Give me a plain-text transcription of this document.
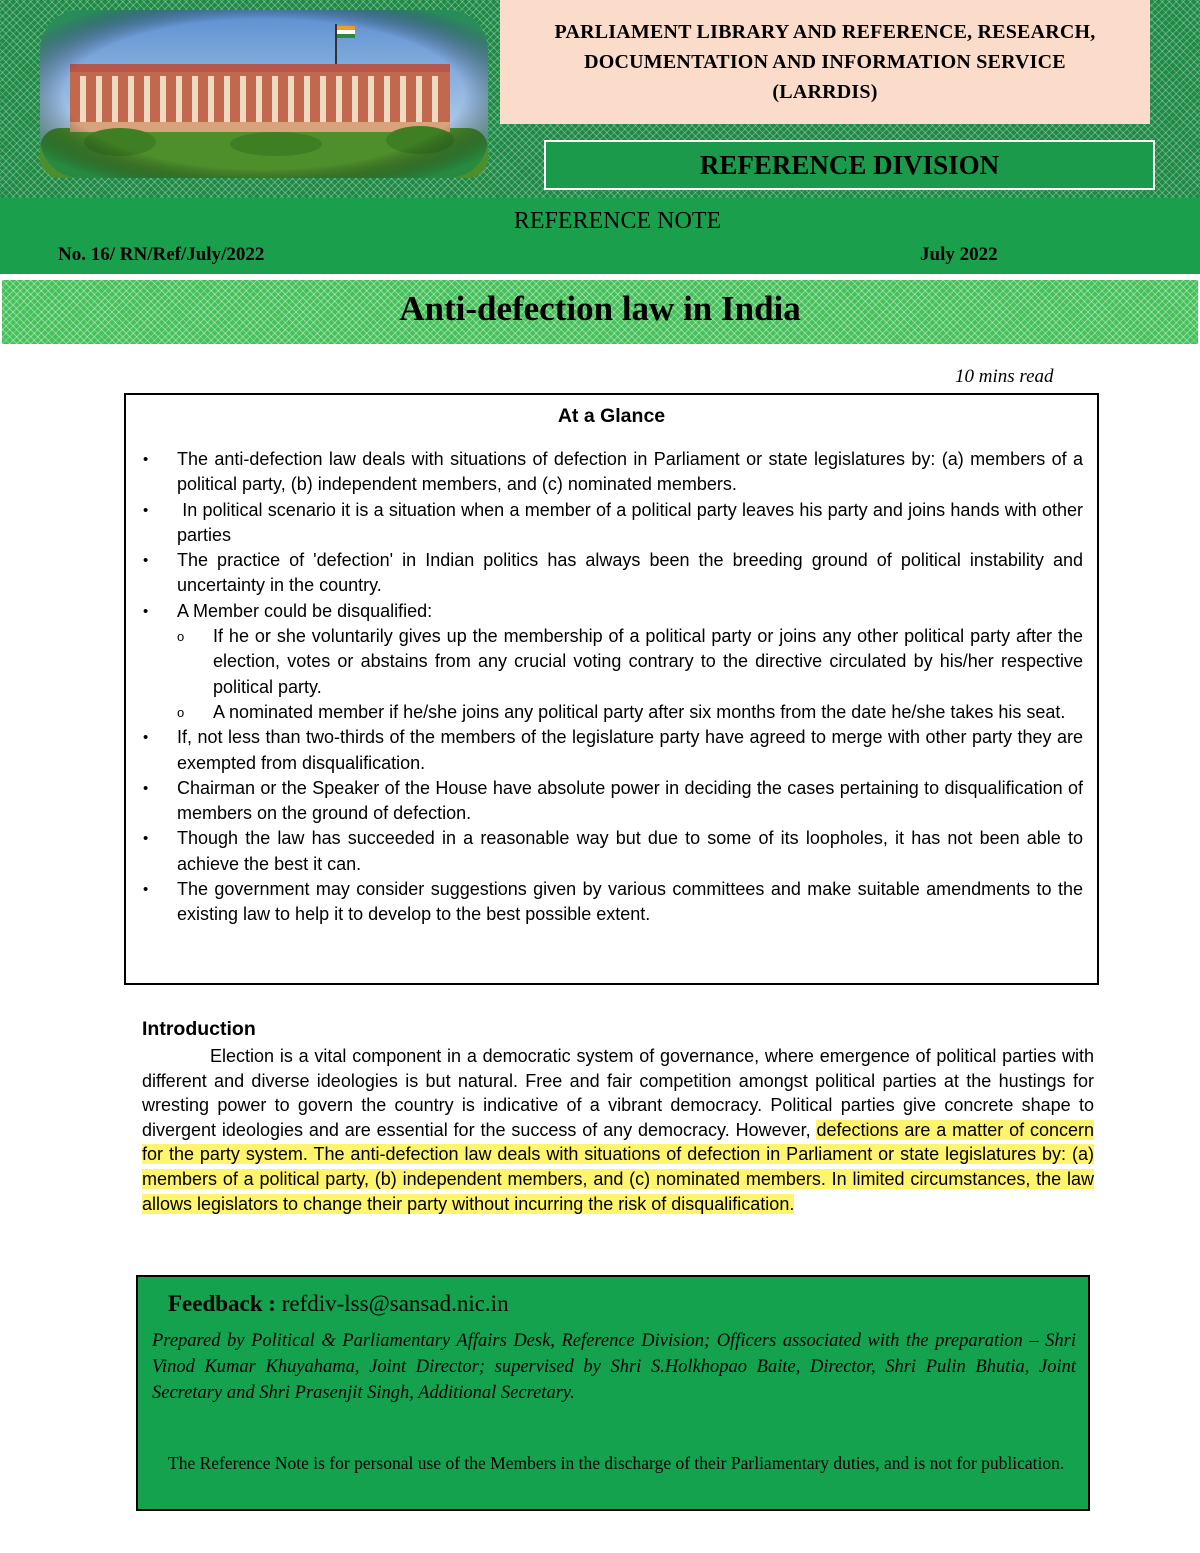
PARLIAMENT LIBRARY AND REFERENCE, RESEARCH,
DOCUMENTATION AND INFORMATION SERVICE
(LARRDIS)
REFERENCE DIVISION
REFERENCE NOTE
No. 16/ RN/Ref/July/2022	July 2022
Anti-defection law in India
10 mins read
At a Glance
• The anti-defection law deals with situations of defection in Parliament or state legislatures by: (a) members of a political party, (b) independent members, and (c) nominated members.
• In political scenario it is a situation when a member of a political party leaves his party and joins hands with other parties
• The practice of 'defection' in Indian politics has always been the breeding ground of political instability and uncertainty in the country.
• A Member could be disqualified:
o If he or she voluntarily gives up the membership of a political party or joins any other political party after the election, votes or abstains from any crucial voting contrary to the directive circulated by his/her respective political party.
o A nominated member if he/she joins any political party after six months from the date he/she takes his seat.
• If, not less than two-thirds of the members of the legislature party have agreed to merge with other party they are exempted from disqualification.
• Chairman or the Speaker of the House have absolute power in deciding the cases pertaining to disqualification of members on the ground of defection.
• Though the law has succeeded in a reasonable way but due to some of its loopholes, it has not been able to achieve the best it can.
• The government may consider suggestions given by various committees and make suitable amendments to the existing law to help it to develop to the best possible extent.
Introduction
Election is a vital component in a democratic system of governance, where emergence of political parties with different and diverse ideologies is but natural. Free and fair competition amongst political parties at the hustings for wresting power to govern the country is indicative of a vibrant democracy. Political parties give concrete shape to divergent ideologies and are essential for the success of any democracy. However, defections are a matter of concern for the party system. The anti-defection law deals with situations of defection in Parliament or state legislatures by: (a) members of a political party, (b) independent members, and (c) nominated members. In limited circumstances, the law allows legislators to change their party without incurring the risk of disqualification.
Feedback : refdiv-lss@sansad.nic.in
Prepared by Political & Parliamentary Affairs Desk, Reference Division; Officers associated with the preparation – Shri Vinod Kumar Khuyahama, Joint Director; supervised by Shri S.Holkhopao Baite, Director, Shri Pulin Bhutia, Joint Secretary and Shri Prasenjit Singh, Additional Secretary.
The Reference Note is for personal use of the Members in the discharge of their Parliamentary duties, and is not for publication.
